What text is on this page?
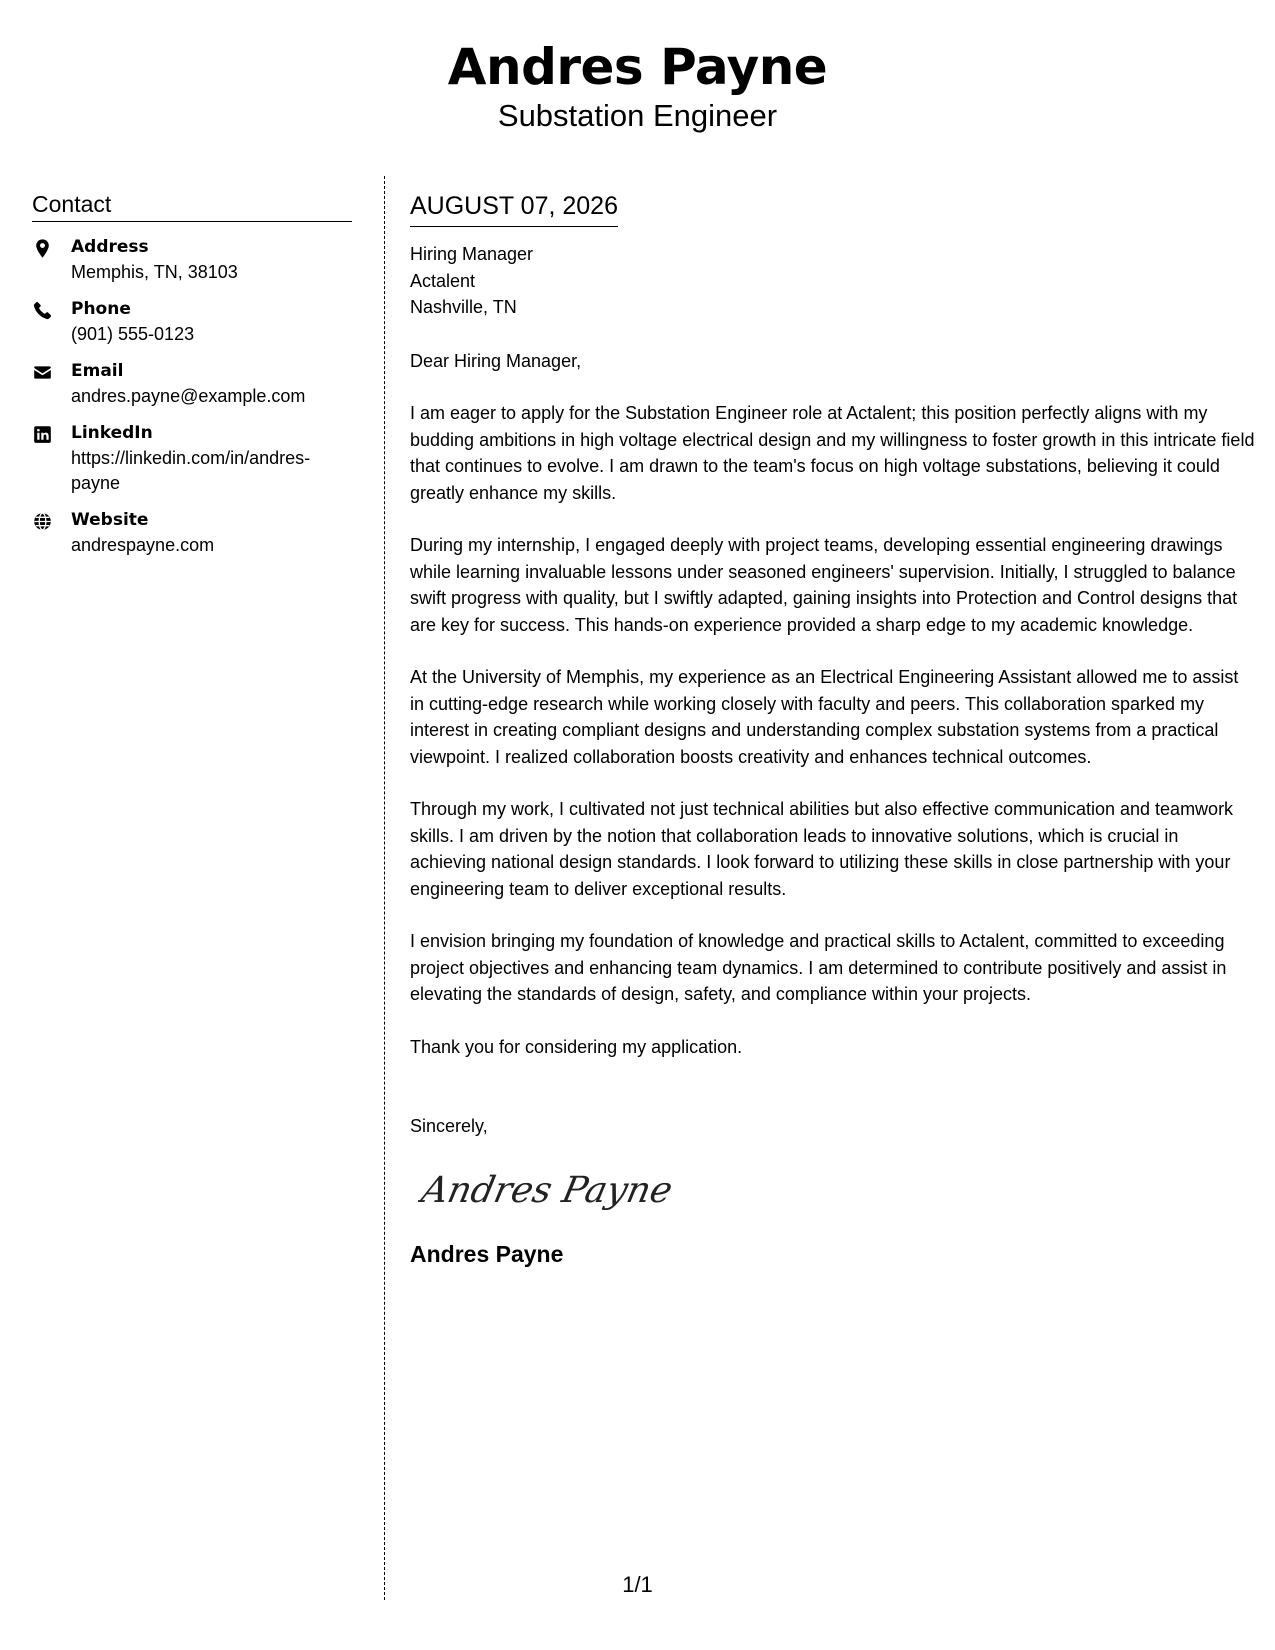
Andres Payne
Substation Engineer
Contact
Address
Memphis, TN, 38103
Phone
(901) 555-0123
Email
andres.payne@example.com
LinkedIn
https://linkedin.com/in/andres-payne
Website
andrespayne.com
AUGUST 07, 2026
Hiring Manager
Actalent
Nashville, TN
Dear Hiring Manager,
I am eager to apply for the Substation Engineer role at Actalent; this position perfectly aligns with my budding ambitions in high voltage electrical design and my willingness to foster growth in this intricate field that continues to evolve. I am drawn to the team's focus on high voltage substations, believing it could greatly enhance my skills.
During my internship, I engaged deeply with project teams, developing essential engineering drawings while learning invaluable lessons under seasoned engineers' supervision. Initially, I struggled to balance swift progress with quality, but I swiftly adapted, gaining insights into Protection and Control designs that are key for success. This hands-on experience provided a sharp edge to my academic knowledge.
At the University of Memphis, my experience as an Electrical Engineering Assistant allowed me to assist in cutting-edge research while working closely with faculty and peers. This collaboration sparked my interest in creating compliant designs and understanding complex substation systems from a practical viewpoint. I realized collaboration boosts creativity and enhances technical outcomes.
Through my work, I cultivated not just technical abilities but also effective communication and teamwork skills. I am driven by the notion that collaboration leads to innovative solutions, which is crucial in achieving national design standards. I look forward to utilizing these skills in close partnership with your engineering team to deliver exceptional results.
I envision bringing my foundation of knowledge and practical skills to Actalent, committed to exceeding project objectives and enhancing team dynamics. I am determined to contribute positively and assist in elevating the standards of design, safety, and compliance within your projects.
Thank you for considering my application.
Sincerely,
Andres Payne
Andres Payne
1/1
